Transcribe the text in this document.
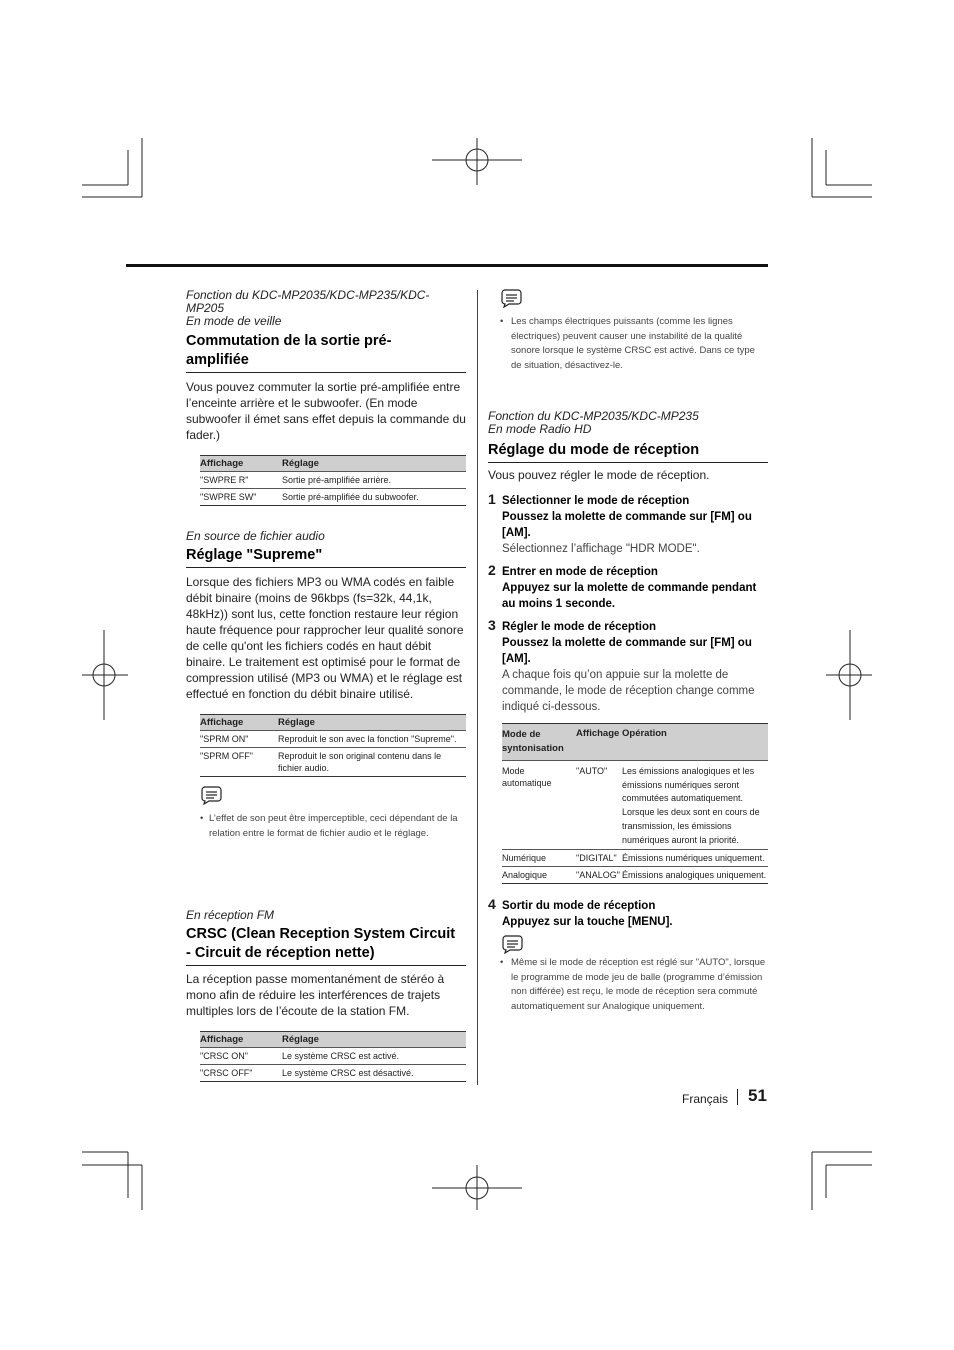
Fonction du KDC-MP2035/KDC-MP235/KDC-MP205
En mode de veille
Commutation de la sortie pré-
amplifiée
Vous pouvez commuter la sortie pré-amplifiée entre l’enceinte arrière et le subwoofer. (En mode subwoofer il émet sans effet depuis la commande du fader.)
Affichage	Réglage
"SWPRE R"	Sortie pré-amplifiée arrière.
"SWPRE SW"	Sortie pré-amplifiée du subwoofer.
En source de fichier audio
Réglage "Supreme"
Lorsque des fichiers MP3 ou WMA codés en faible débit binaire (moins de 96kbps (fs=32k, 44,1k, 48kHz)) sont lus, cette fonction restaure leur région haute fréquence pour rapprocher leur qualité sonore de celle qu'ont les fichiers codés en haut débit binaire. Le traitement est optimisé pour le format de compression utilisé (MP3 ou WMA) et le réglage est effectué en fonction du débit binaire utilisé.
Affichage	Réglage
"SPRM ON"	Reproduit le son avec la fonction "Supreme".
"SPRM OFF"	Reproduit le son original contenu dans le fichier audio.
• L’effet de son peut être imperceptible, ceci dépendant de la relation entre le format de fichier audio et le réglage.
En réception FM
CRSC (Clean Reception System Circuit
- Circuit de réception nette)
La réception passe momentanément de stéréo à mono afin de réduire les interférences de trajets multiples lors de l’écoute de la station FM.
Affichage	Réglage
"CRSC ON"	Le système CRSC est activé.
"CRSC OFF"	Le système CRSC est désactivé.
• Les champs électriques puissants (comme les lignes électriques) peuvent causer une instabilité de la qualité sonore lorsque le système CRSC est activé. Dans ce type de situation, désactivez-le.
Fonction du KDC-MP2035/KDC-MP235
En mode Radio HD
Réglage du mode de réception
Vous pouvez régler le mode de réception.
1 Sélectionner le mode de réception
Poussez la molette de commande sur [FM] ou [AM].
Sélectionnez l’affichage "HDR MODE".
2 Entrer en mode de réception
Appuyez sur la molette de commande pendant au moins 1 seconde.
3 Régler le mode de réception
Poussez la molette de commande sur [FM] ou [AM].
A chaque fois qu’on appuie sur la molette de commande, le mode de réception change comme indiqué ci-dessous.
Mode de syntonisation	Affichage	Opération
Mode automatique	"AUTO"	Les émissions analogiques et les émissions numériques seront commutées automatiquement. Lorsque les deux sont en cours de transmission, les émissions numériques auront la priorité.
Numérique	"DIGITAL"	Émissions numériques uniquement.
Analogique	"ANALOG"	Émissions analogiques uniquement.
4 Sortir du mode de réception
Appuyez sur la touche [MENU].
• Même si le mode de réception est réglé sur "AUTO", lorsque le programme de mode jeu de balle (programme d’émission non différée) est reçu, le mode de réception sera commuté automatiquement sur Analogique uniquement.
Français 51
